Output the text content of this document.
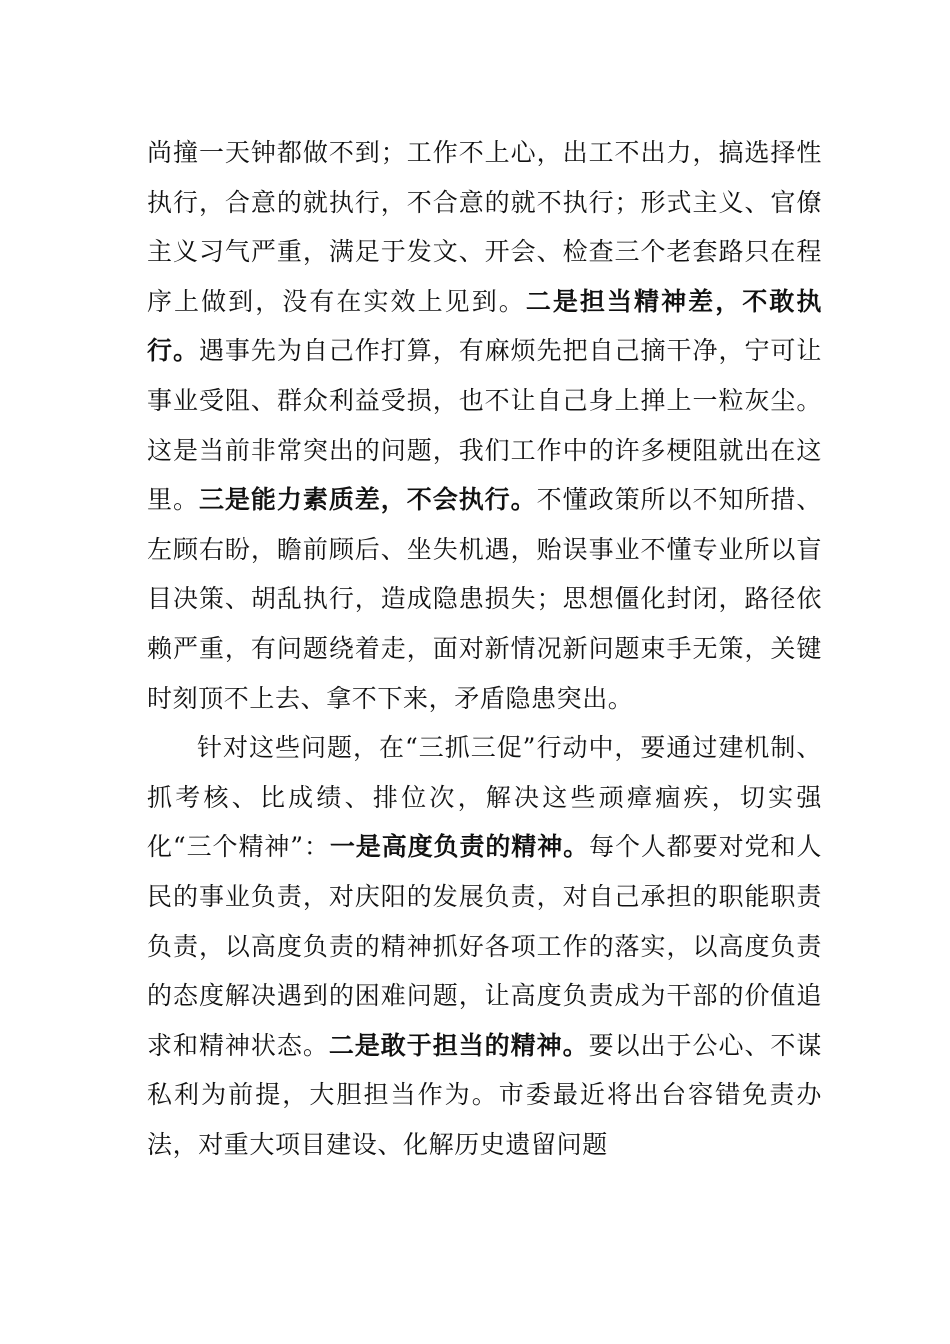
尚撞一天钟都做不到；工作不上心，出工不出力，搞选择性执行，合意的就执行，不合意的就不执行；形式主义、官僚主义习气严重，满足于发文、开会、检查三个老套路只在程序上做到，没有在实效上见到。二是担当精神差，不敢执行。遇事先为自己作打算，有麻烦先把自己摘干净，宁可让事业受阻、群众利益受损，也不让自己身上掸上一粒灰尘。这是当前非常突出的问题，我们工作中的许多梗阻就出在这里。三是能力素质差，不会执行。不懂政策所以不知所措、左顾右盼，瞻前顾后、坐失机遇，贻误事业不懂专业所以盲目决策、胡乱执行，造成隐患损失；思想僵化封闭，路径依赖严重，有问题绕着走，面对新情况新问题束手无策，关键时刻顶不上去、拿不下来，矛盾隐患突出。

针对这些问题，在“三抓三促”行动中，要通过建机制、抓考核、比成绩、排位次，解决这些顽瘴痼疾，切实强化“三个精神”：一是高度负责的精神。每个人都要对党和人民的事业负责，对庆阳的发展负责，对自己承担的职能职责负责，以高度负责的精神抓好各项工作的落实，以高度负责的态度解决遇到的困难问题，让高度负责成为干部的价值追求和精神状态。二是敢于担当的精神。要以出于公心、不谋私利为前提，大胆担当作为。市委最近将出台容错免责办法，对重大项目建设、化解历史遗留问题
